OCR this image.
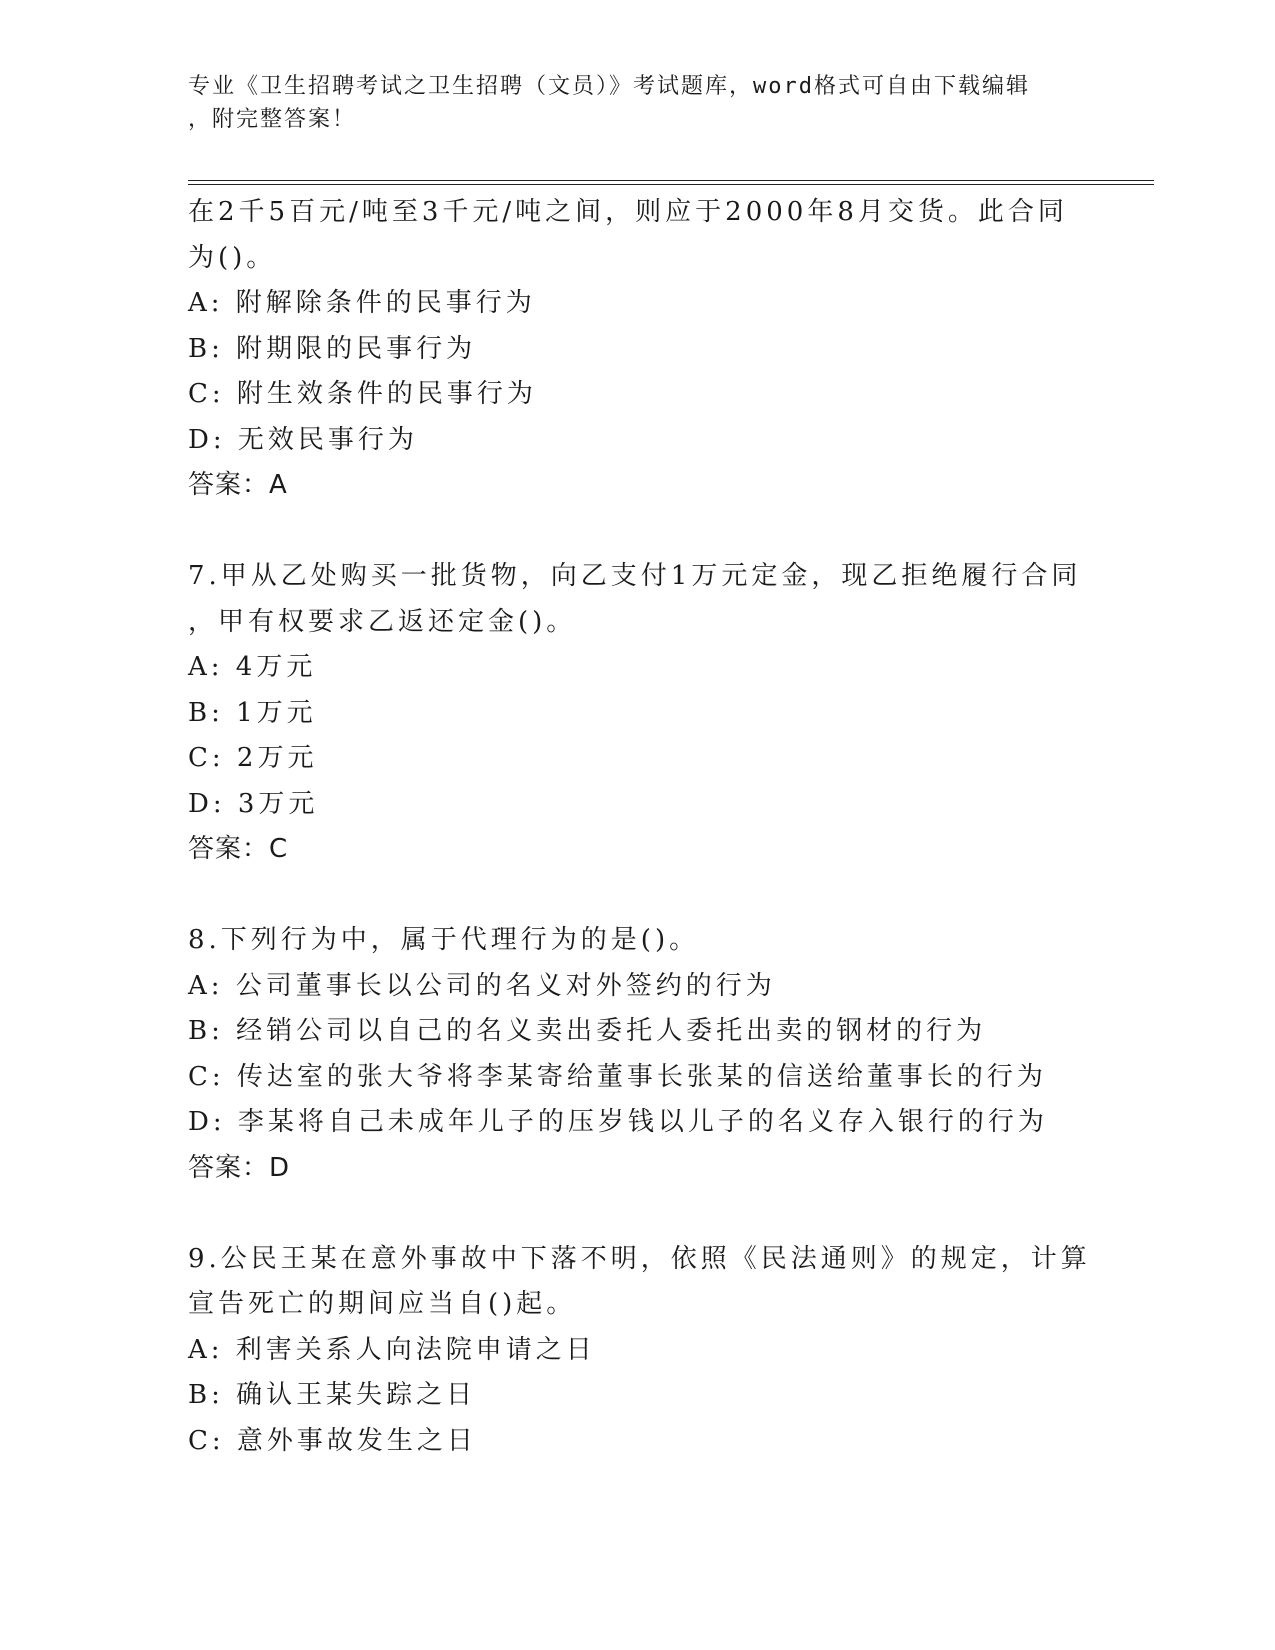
专业《卫生招聘考试之卫生招聘（文员）》考试题库，word格式可自由下载编辑
，附完整答案！
在2千5百元/吨至3千元/吨之间，则应于2000年8月交货。此合同
为()。
A: 附解除条件的民事行为
B: 附期限的民事行为
C: 附生效条件的民事行为
D: 无效民事行为
答案：A
7.甲从乙处购买一批货物，向乙支付1万元定金，现乙拒绝履行合同
，甲有权要求乙返还定金()。
A: 4万元
B: 1万元
C: 2万元
D: 3万元
答案：C
8.下列行为中，属于代理行为的是()。
A: 公司董事长以公司的名义对外签约的行为
B: 经销公司以自己的名义卖出委托人委托出卖的钢材的行为
C: 传达室的张大爷将李某寄给董事长张某的信送给董事长的行为
D: 李某将自己未成年儿子的压岁钱以儿子的名义存入银行的行为
答案：D
9.公民王某在意外事故中下落不明，依照《民法通则》的规定，计算
宣告死亡的期间应当自()起。
A: 利害关系人向法院申请之日
B: 确认王某失踪之日
C: 意外事故发生之日
